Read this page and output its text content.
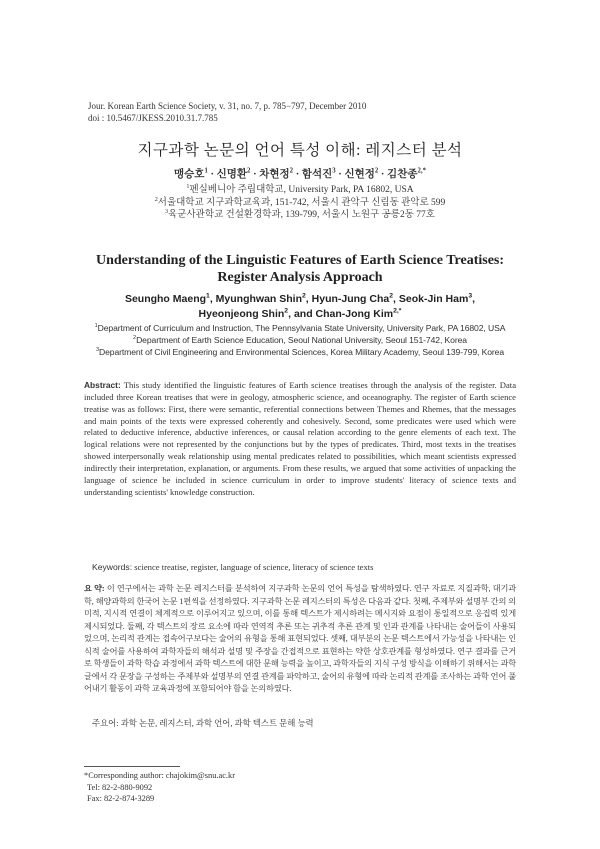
Jour. Korean Earth Science Society, v. 31, no. 7, p. 785−797, December 2010
doi : 10.5467/JKESS.2010.31.7.785
지구과학 논문의 언어 특성 이해: 레지스터 분석
맹승호$^1$ · 신명환$^2$ · 차현정$^2$ · 함석진$^3$ · 신현정$^2$ · 김찬종$^{2,*}$
$^1$펜실베니아 주립대학교, University Park, PA 16802, USA
$^2$서울대학교 지구과학교육과, 151-742, 서울시 관악구 신림동 관악로 599
$^3$육군사관학교 건설환경학과, 139-799, 서울시 노원구 공릉2동 77호
Understanding of the Linguistic Features of Earth Science Treatises:
Register Analysis Approach
Seungho Maeng$^1$, Myunghwan Shin$^2$, Hyun-Jung Cha$^2$, Seok-Jin Ham$^3$,
Hyeonjeong Shin$^2$, and Chan-Jong Kim$^{2,*}$
$^1$Department of Curriculum and Instruction, The Pennsylvania State University, University Park, PA 16802, USA
$^2$Department of Earth Science Education, Seoul National University, Seoul 151-742, Korea
$^3$Department of Civil Engineering and Environmental Sciences, Korea Military Academy, Seoul 139-799, Korea
Abstract: This study identified the linguistic features of Earth science treatises through the analysis of the register. Data included three Korean treatises that were in geology, atmospheric science, and oceanography. The register of Earth science treatise was as follows: First, there were semantic, referential connections between Themes and Rhemes, that the messages and main points of the texts were expressed coherently and cohesively. Second, some predicates were used which were related to deductive inference, abductive inferences, or causal relation according to the genre elements of each text. The logical relations were not represented by the conjunctions but by the types of predicates. Third, most texts in the treatises showed interpersonally weak relationship using mental predicates related to possibilities, which meant scientists expressed indirectly their interpretation, explanation, or arguments. From these results, we argued that some activities of unpacking the language of science be included in science curriculum in order to improve students' literacy of science texts and understanding scientists' knowledge construction.
Keywords: science treatise, register, language of science, literacy of science texts
요 약: 이 연구에서는 과학 논문 레지스터를 분석하여 지구과학 논문의 언어 특성을 탐색하였다. 연구 자료로 지질과학, 대기과학, 해양과학의 한국어 논문 1편씩을 선정하였다. 지구과학 논문 레지스터의 특성은 다음과 같다. 첫째, 주제부와 설명부 간의 의미적, 지시적 연결이 체계적으로 이루어지고 있으며, 이를 통해 텍스트가 제시하려는 메시지와 요점이 통일적으로 응집력 있게 제시되었다. 둘째, 각 텍스트의 장르 요소에 따라 연역적 추론 또는 귀추적 추론 관계 및 인과 관계를 나타내는 술어들이 사용되었으며, 논리적 관계는 접속어구보다는 술어의 유형을 통해 표현되었다. 셋째, 대부분의 논문 텍스트에서 가능성을 나타내는 인식적 술어를 사용하여 과학자들의 해석과 설명 및 주장을 간접적으로 표현하는 약한 상호관계를 형성하였다. 연구 결과를 근거로 학생들이 과학 학습 과정에서 과학 텍스트에 대한 문해 능력을 높이고, 과학자들의 지식 구성 방식을 이해하기 위해서는 과학 글에서 각 문장을 구성하는 주제부와 설명부의 연결 관계를 파악하고, 술어의 유형에 따라 논리적 관계를 조사하는 과학 언어 풀어내기 활동이 과학 교육과정에 포함되어야 함을 논의하였다.
주요어: 과학 논문, 레지스터, 과학 언어, 과학 텍스트 문해 능력
*Corresponding author: chajokim@snu.ac.kr
Tel: 82-2-880-9092
Fax: 82-2-874-3289
